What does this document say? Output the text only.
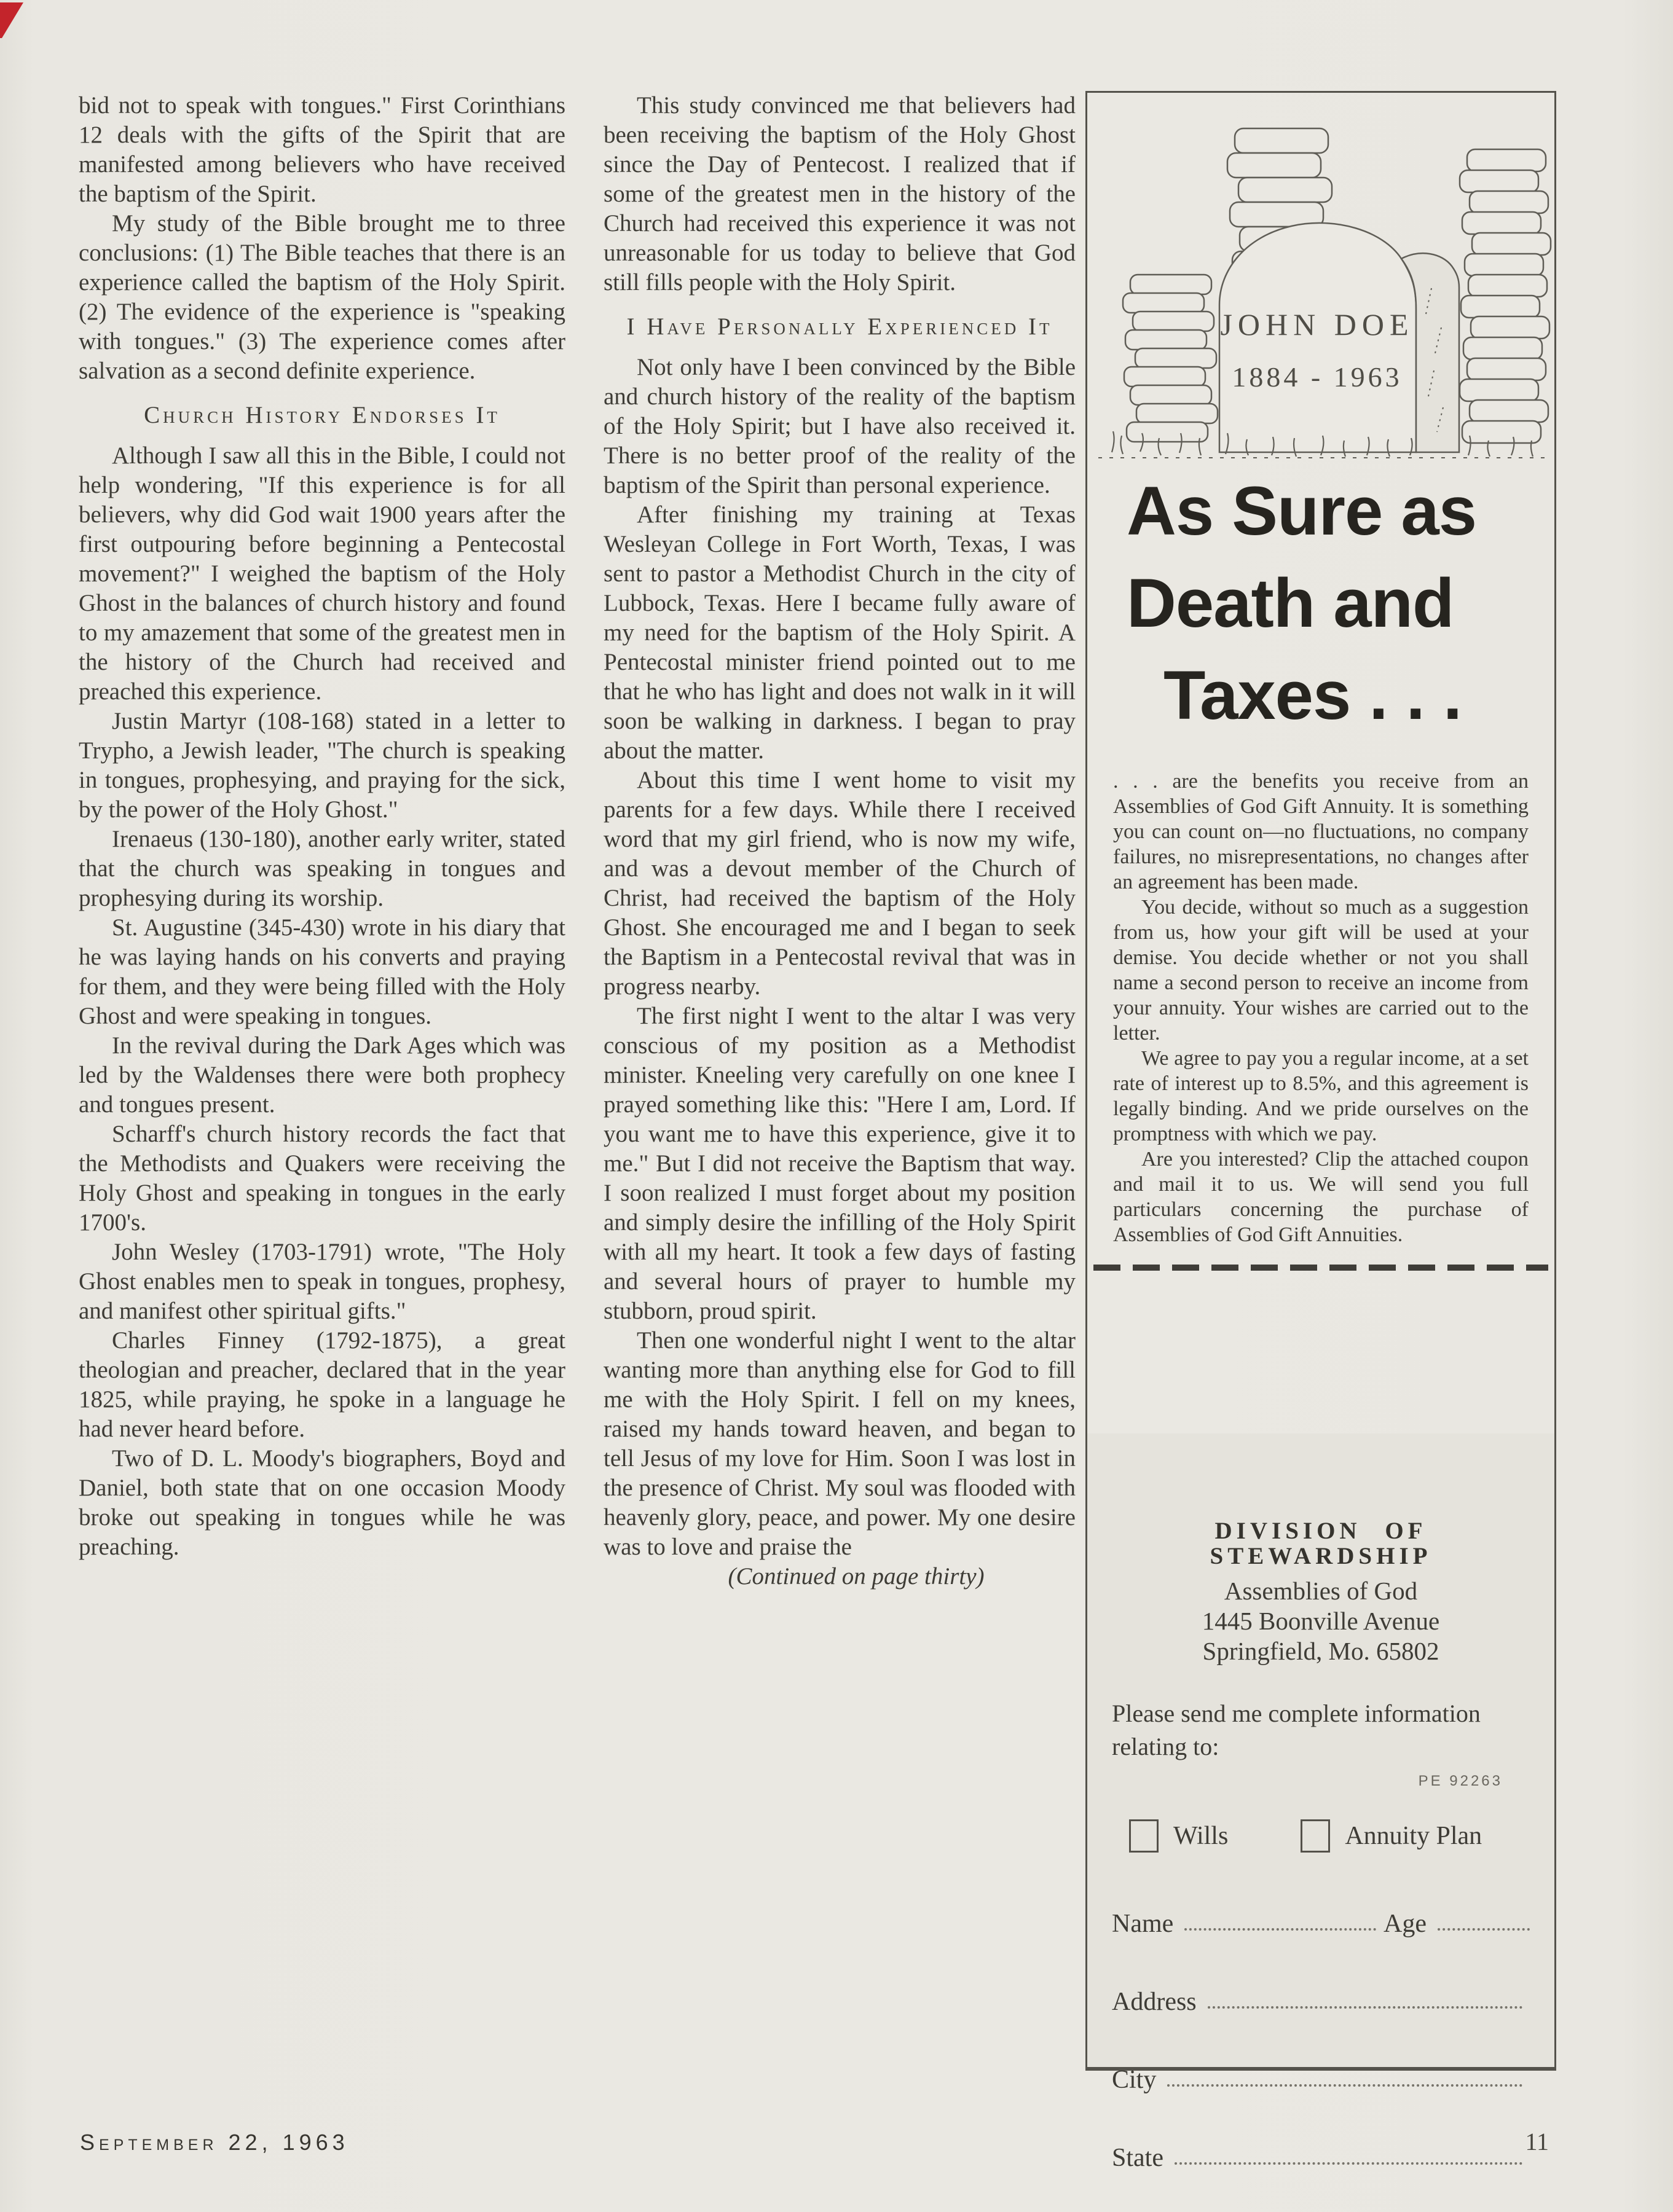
bid not to speak with tongues." First Corinthians 12 deals with the gifts of the Spirit that are manifested among believers who have received the baptism of the Spirit.

My study of the Bible brought me to three conclusions: (1) The Bible teaches that there is an experience called the baptism of the Holy Spirit. (2) The evidence of the experience is "speaking with tongues." (3) The experience comes after salvation as a second definite experience.

Church History Endorses It

Although I saw all this in the Bible, I could not help wondering, "If this experience is for all believers, why did God wait 1900 years after the first outpouring before beginning a Pentecostal movement?" I weighed the baptism of the Holy Ghost in the balances of church history and found to my amazement that some of the greatest men in the history of the Church had received and preached this experience.

Justin Martyr (108-168) stated in a letter to Trypho, a Jewish leader, "The church is speaking in tongues, prophesying, and praying for the sick, by the power of the Holy Ghost."

Irenaeus (130-180), another early writer, stated that the church was speaking in tongues and prophesying during its worship.

St. Augustine (345-430) wrote in his diary that he was laying hands on his converts and praying for them, and they were being filled with the Holy Ghost and were speaking in tongues.

In the revival during the Dark Ages which was led by the Waldenses there were both prophecy and tongues present.

Scharff's church history records the fact that the Methodists and Quakers were receiving the Holy Ghost and speaking in tongues in the early 1700's.

John Wesley (1703-1791) wrote, "The Holy Ghost enables men to speak in tongues, prophesy, and manifest other spiritual gifts."

Charles Finney (1792-1875), a great theologian and preacher, declared that in the year 1825, while praying, he spoke in a language he had never heard before.

Two of D. L. Moody's biographers, Boyd and Daniel, both state that on one occasion Moody broke out speaking in tongues while he was preaching.

This study convinced me that believers had been receiving the baptism of the Holy Ghost since the Day of Pentecost. I realized that if some of the greatest men in the history of the Church had received this experience it was not unreasonable for us today to believe that God still fills people with the Holy Spirit.

I Have Personally Experienced It

Not only have I been convinced by the Bible and church history of the reality of the baptism of the Holy Spirit; but I have also received it. There is no better proof of the reality of the baptism of the Spirit than personal experience.

After finishing my training at Texas Wesleyan College in Fort Worth, Texas, I was sent to pastor a Methodist Church in the city of Lubbock, Texas. Here I became fully aware of my need for the baptism of the Holy Spirit. A Pentecostal minister friend pointed out to me that he who has light and does not walk in it will soon be walking in darkness. I began to pray about the matter.

About this time I went home to visit my parents for a few days. While there I received word that my girl friend, who is now my wife, and was a devout member of the Church of Christ, had received the baptism of the Holy Ghost. She encouraged me and I began to seek the Baptism in a Pentecostal revival that was in progress nearby.

The first night I went to the altar I was very conscious of my position as a Methodist minister. Kneeling very carefully on one knee I prayed something like this: "Here I am, Lord. If you want me to have this experience, give it to me." But I did not receive the Baptism that way. I soon realized I must forget about my position and simply desire the infilling of the Holy Spirit with all my heart. It took a few days of fasting and several hours of prayer to humble my stubborn, proud spirit.

Then one wonderful night I went to the altar wanting more than anything else for God to fill me with the Holy Spirit. I fell on my knees, raised my hands toward heaven, and began to tell Jesus of my love for Him. Soon I was lost in the presence of Christ. My soul was flooded with heavenly glory, peace, and power. My one desire was to love and praise the

(Continued on page thirty)

JOHN DOE
1884 - 1963
As Sure as
Death and
Taxes . . .

. . . are the benefits you receive from an Assemblies of God Gift Annuity. It is something you can count on—no fluctuations, no company failures, no misrepresentations, no changes after an agreement has been made.

You decide, without so much as a suggestion from us, how your gift will be used at your demise. You decide whether or not you shall name a second person to receive an income from your annuity. Your wishes are carried out to the letter.

We agree to pay you a regular income, at a set rate of interest up to 8.5%, and this agreement is legally binding. And we pride ourselves on the promptness with which we pay.

Are you interested? Clip the attached coupon and mail it to us. We will send you full particulars concerning the purchase of Assemblies of God Gift Annuities.

DIVISION OF STEWARDSHIP
Assemblies of God
1445 Boonville Avenue
Springfield, Mo. 65802
Please send me complete information relating to:
PE 92263
Wills	Annuity Plan
Name	Age
Address
City
State
September 22, 1963	11
